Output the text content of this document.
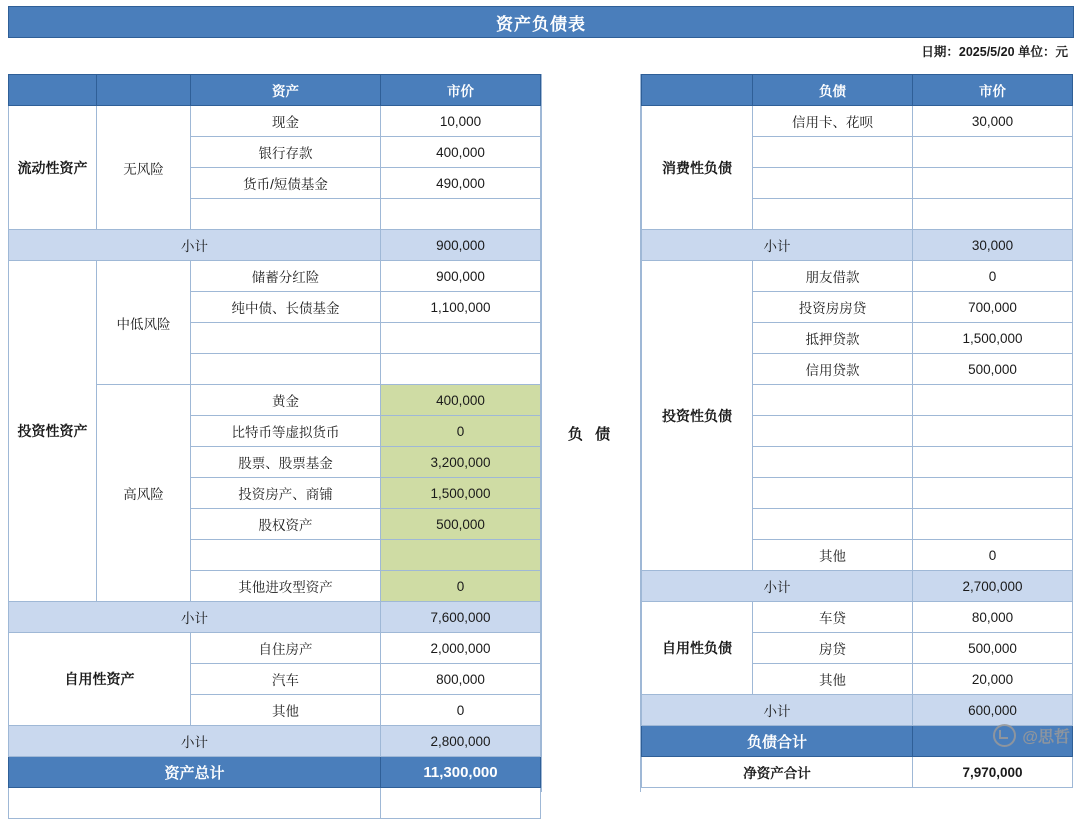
资产负债表
日期：2025/5/20 单位：元
		资产	市价
流动性资产	无风险	现金	10,000
		银行存款	400,000
		货币/短债基金	490,000

小计			900,000
投资性资产	中低风险	储蓄分红险	900,000
		纯中债、长债基金	1,100,000

	高风险	黄金	400,000
		比特币等虚拟货币	0
		股票、股票基金	3,200,000
		投资房产、商铺	1,500,000
		股权资产	500,000

		其他进攻型资产	0
小计			7,600,000
自用性资产		自住房产	2,000,000
		汽车	800,000
		其他	0
小计			2,800,000
资产总计			11,300,000

负 债
	负债	市价
消费性负债	信用卡、花呗	30,000

小计		30,000
投资性负债	朋友借款	0
	投资房房贷	700,000
	抵押贷款	1,500,000
	信用贷款	500,000

	其他	0
小计		2,700,000
自用性负债	车贷	80,000
	房贷	500,000
	其他	20,000
小计		600,000
负债合计		
净资产合计		7,970,000
@思哲
